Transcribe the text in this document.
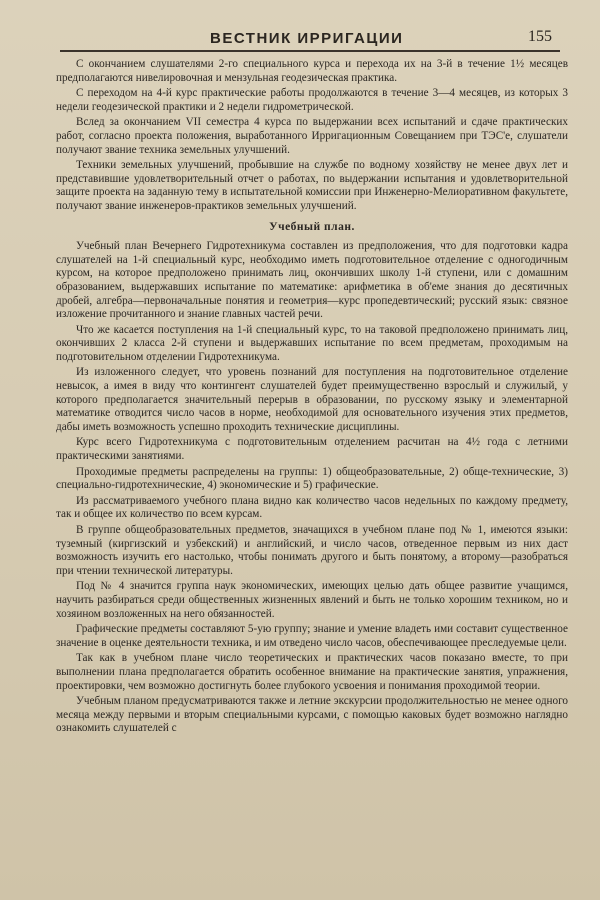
ВЕСТНИК ИРРИГАЦИИ	155

С окончанием слушателями 2-го специального курса и перехода их на 3-й в течение 1½ месяцев предполагаются нивелировочная и мензульная геодезическая практика.

С переходом на 4-й курс практические работы продолжаются в течение 3—4 месяцев, из которых 3 недели геодезической практики и 2 недели гидрометрической.

Вслед за окончанием VII семестра 4 курса по выдержании всех испытаний и сдаче практических работ, согласно проекта положения, выработанного Ирригационным Совещанием при ТЭС'е, слушатели получают звание техника земельных улучшений.

Техники земельных улучшений, пробывшие на службе по водному хозяйству не менее двух лет и представившие удовлетворительный отчет о работах, по выдержании испытания и удовлетворительной защите проекта на заданную тему в испытательной комиссии при Инженерно-Мелиоративном факультете, получают звание инженеров-практиков земельных улучшений.

Учебный план.

Учебный план Вечернего Гидротехникума составлен из предположения, что для подготовки кадра слушателей на 1-й специальный курс, необходимо иметь подготовительное отделение с одногодичным курсом, на которое предположено принимать лиц, окончивших школу 1-й ступени, или с домашним образованием, выдержавших испытание по математике: арифметика в об'еме знания до десятичных дробей, алгебра—первоначальные понятия и геометрия—курс пропедевтический; русский язык: связное изложение прочитанного и знание главных частей речи.

Что же касается поступления на 1-й специальный курс, то на таковой предположено принимать лиц, окончивших 2 класса 2-й ступени и выдержавших испытание по всем предметам, проходимым на подготовительном отделении Гидротехникума.

Из изложенного следует, что уровень познаний для поступления на подготовительное отделение невысок, а имея в виду что контингент слушателей будет преимущественно взрослый и служилый, у которого предполагается значительный перерыв в образовании, по русскому языку и элементарной математике отводится число часов в норме, необходимой для основательного изучения этих предметов, дабы иметь возможность успешно проходить технические дисциплины.

Курс всего Гидротехникума с подготовительным отделением расчитан на 4½ года с летними практическими занятиями.

Проходимые предметы распределены на группы: 1) общеобразовательные, 2) обще-технические, 3) специально-гидротехнические, 4) экономические и 5) графические.

Из рассматриваемого учебного плана видно как количество часов недельных по каждому предмету, так и общее их количество по всем курсам.

В группе общеобразовательных предметов, значащихся в учебном плане под № 1, имеются языки: туземный (киргизский и узбекский) и английский, и число часов, отведенное первым из них даст возможность изучить его настолько, чтобы понимать другого и быть понятому, а второму—разобраться при чтении технической литературы.

Под № 4 значится группа наук экономических, имеющих целью дать общее развитие учащимся, научить разбираться среди общественных жизненных явлений и быть не только хорошим техником, но и хозяином возложенных на него обязанностей.

Графические предметы составляют 5-ую группу; знание и умение владеть ими составит существенное значение в оценке деятельности техника, и им отведено число часов, обеспечивающее преследуемые цели.

Так как в учебном плане число теоретических и практических часов показано вместе, то при выполнении плана предполагается обратить особенное внимание на практические занятия, упражнения, проектировки, чем возможно достигнуть более глубокого усвоения и понимания проходимой теории.

Учебным планом предусматриваются также и летние экскурсии продолжительностью не менее одного месяца между первыми и вторым специальными курсами, с помощью каковых будет возможно наглядно ознакомить слушателей с
